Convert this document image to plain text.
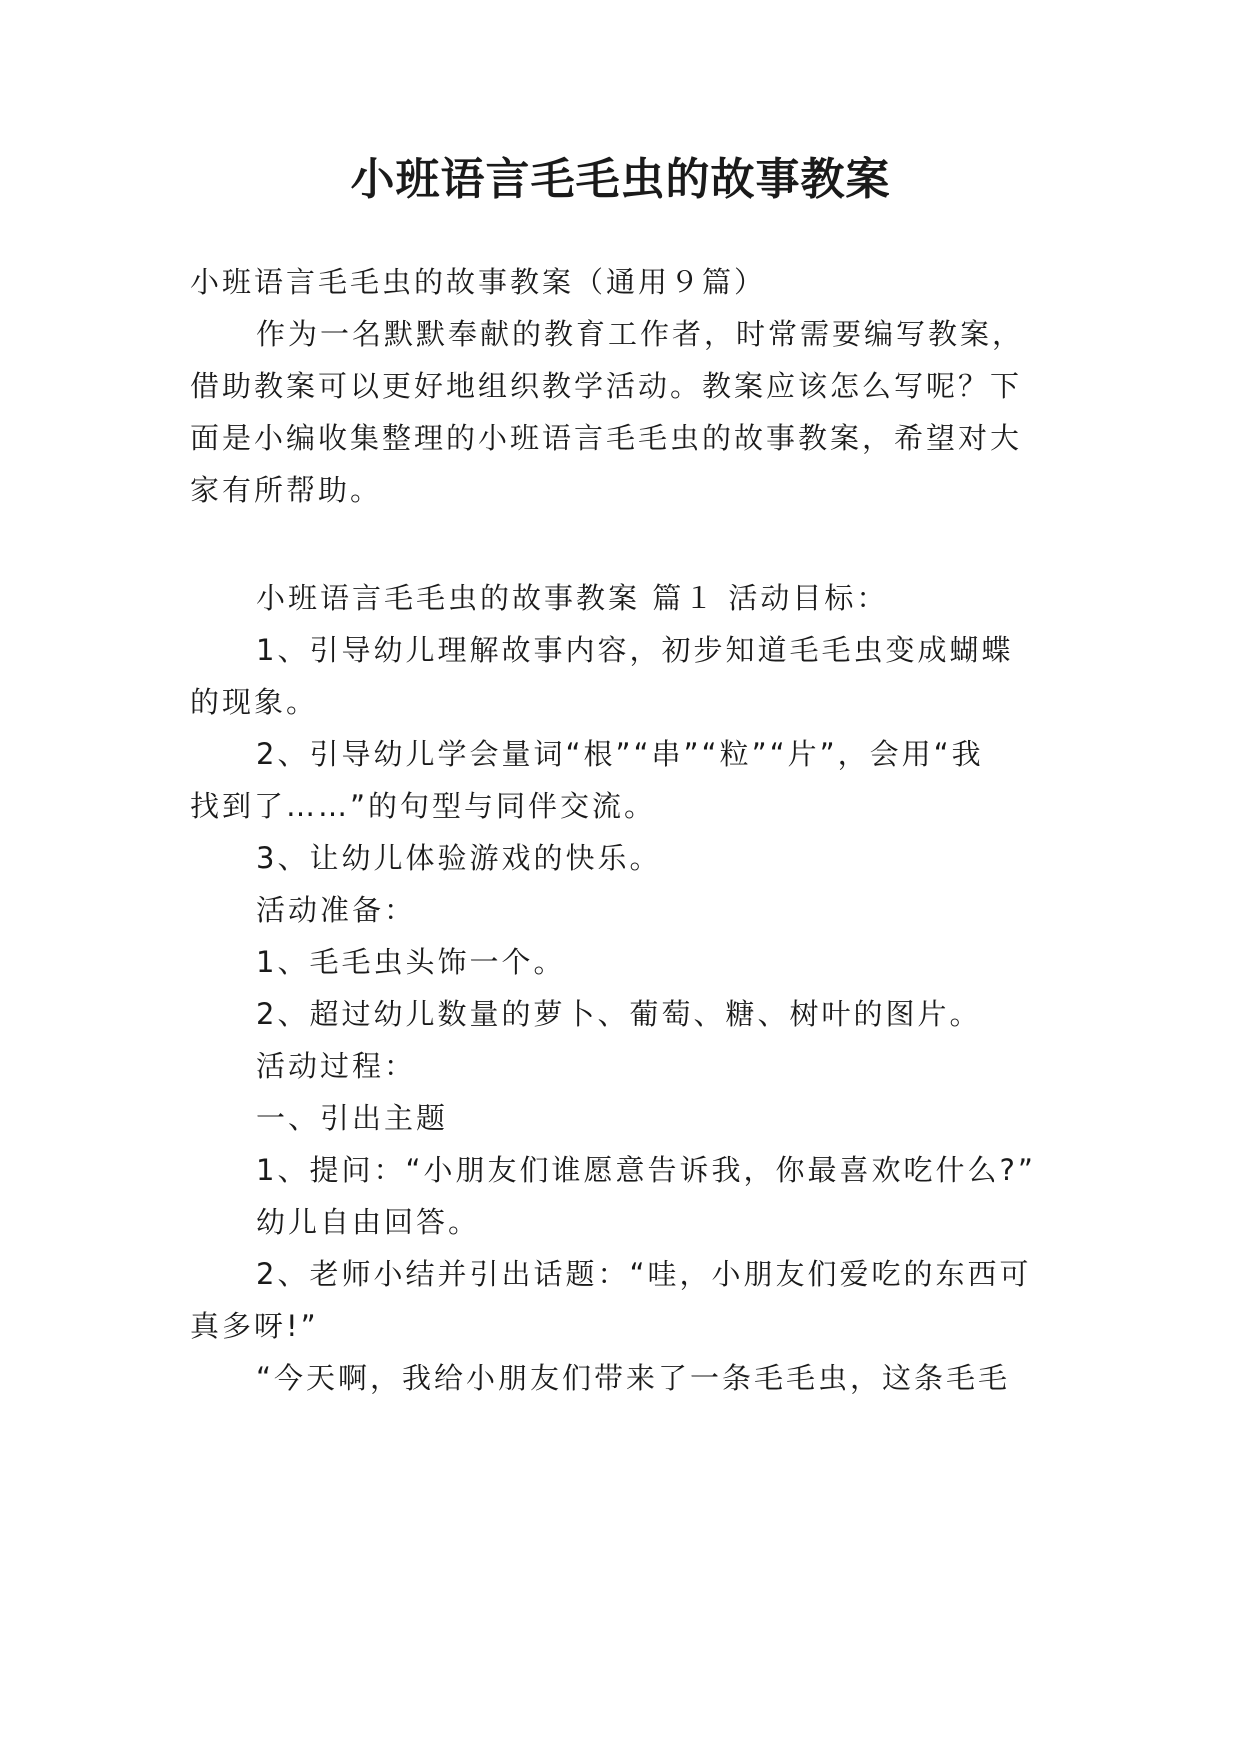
小班语言毛毛虫的故事教案
小班语言毛毛虫的故事教案（通用９篇）
作为一名默默奉献的教育工作者，时常需要编写教案，
借助教案可以更好地组织教学活动。教案应该怎么写呢？下
面是小编收集整理的小班语言毛毛虫的故事教案，希望对大
家有所帮助。
小班语言毛毛虫的故事教案 篇１ 活动目标：
1、引导幼儿理解故事内容，初步知道毛毛虫变成蝴蝶
的现象。
2、引导幼儿学会量词“根”“串”“粒”“片”，会用“我
找到了……”的句型与同伴交流。
3、让幼儿体验游戏的快乐。
活动准备：
1、毛毛虫头饰一个。
2、超过幼儿数量的萝卜、葡萄、糖、树叶的图片。
活动过程：
一、引出主题
1、提问：“小朋友们谁愿意告诉我，你最喜欢吃什么?”
幼儿自由回答。
2、老师小结并引出话题：“哇，小朋友们爱吃的东西可
真多呀!”
“今天啊，我给小朋友们带来了一条毛毛虫，这条毛毛
